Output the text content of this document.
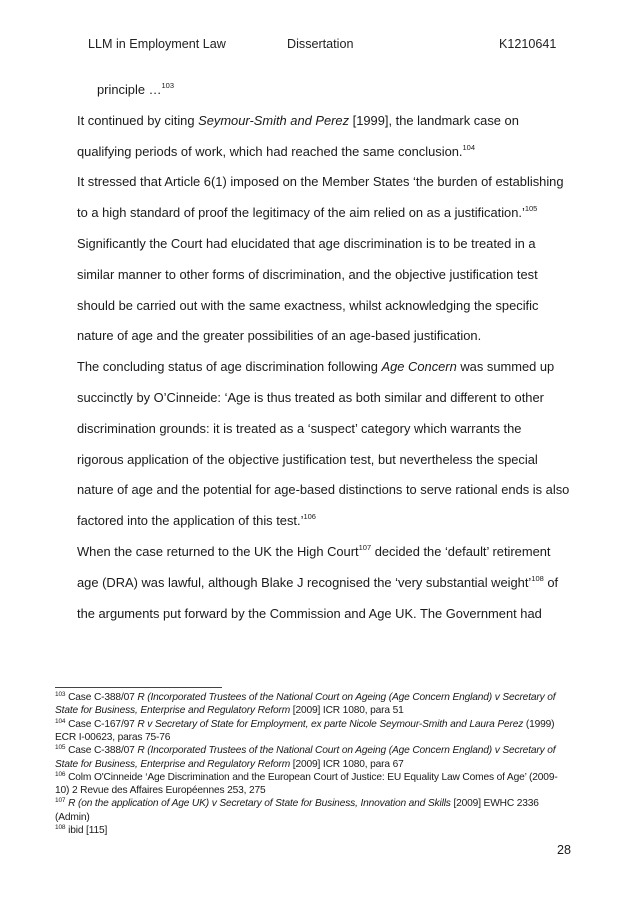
LLM in Employment Law	Dissertation	K1210641
principle …$^{103}$
It continued by citing Seymour-Smith and Perez [1999], the landmark case on
qualifying periods of work, which had reached the same conclusion.$^{104}$
It stressed that Article 6(1) imposed on the Member States ‘the burden of establishing
to a high standard of proof the legitimacy of the aim relied on as a justification.’$^{105}$
Significantly the Court had elucidated that age discrimination is to be treated in a
similar manner to other forms of discrimination, and the objective justification test
should be carried out with the same exactness, whilst acknowledging the specific
nature of age and the greater possibilities of an age-based justification.
The concluding status of age discrimination following Age Concern was summed up
succinctly by O’Cinneide: ‘Age is thus treated as both similar and different to other
discrimination grounds: it is treated as a ‘suspect’ category which warrants the
rigorous application of the objective justification test, but nevertheless the special
nature of age and the potential for age-based distinctions to serve rational ends is also
factored into the application of this test.’$^{106}$
When the case returned to the UK the High Court$^{107}$ decided the ‘default’ retirement
age (DRA) was lawful, although Blake J recognised the ‘very substantial weight’$^{108}$ of
the arguments put forward by the Commission and Age UK. The Government had
$^{103}$ Case C-388/07 R (Incorporated Trustees of the National Court on Ageing (Age Concern England) v Secretary of
State for Business, Enterprise and Regulatory Reform [2009] ICR 1080, para 51
$^{104}$ Case C-167/97 R v Secretary of State for Employment, ex parte Nicole Seymour-Smith and Laura Perez (1999)
ECR I-00623, paras 75-76
$^{105}$ Case C-388/07 R (Incorporated Trustees of the National Court on Ageing (Age Concern England) v Secretary of
State for Business, Enterprise and Regulatory Reform [2009] ICR 1080, para 67
$^{106}$ Colm O'Cinneide ‘Age Discrimination and the European Court of Justice: EU Equality Law Comes of Age’ (2009-
10) 2 Revue des Affaires Européennes 253, 275
$^{107}$ R (on the application of Age UK) v Secretary of State for Business, Innovation and Skills [2009] EWHC 2336
(Admin)
$^{108}$ ibid [115]
28
